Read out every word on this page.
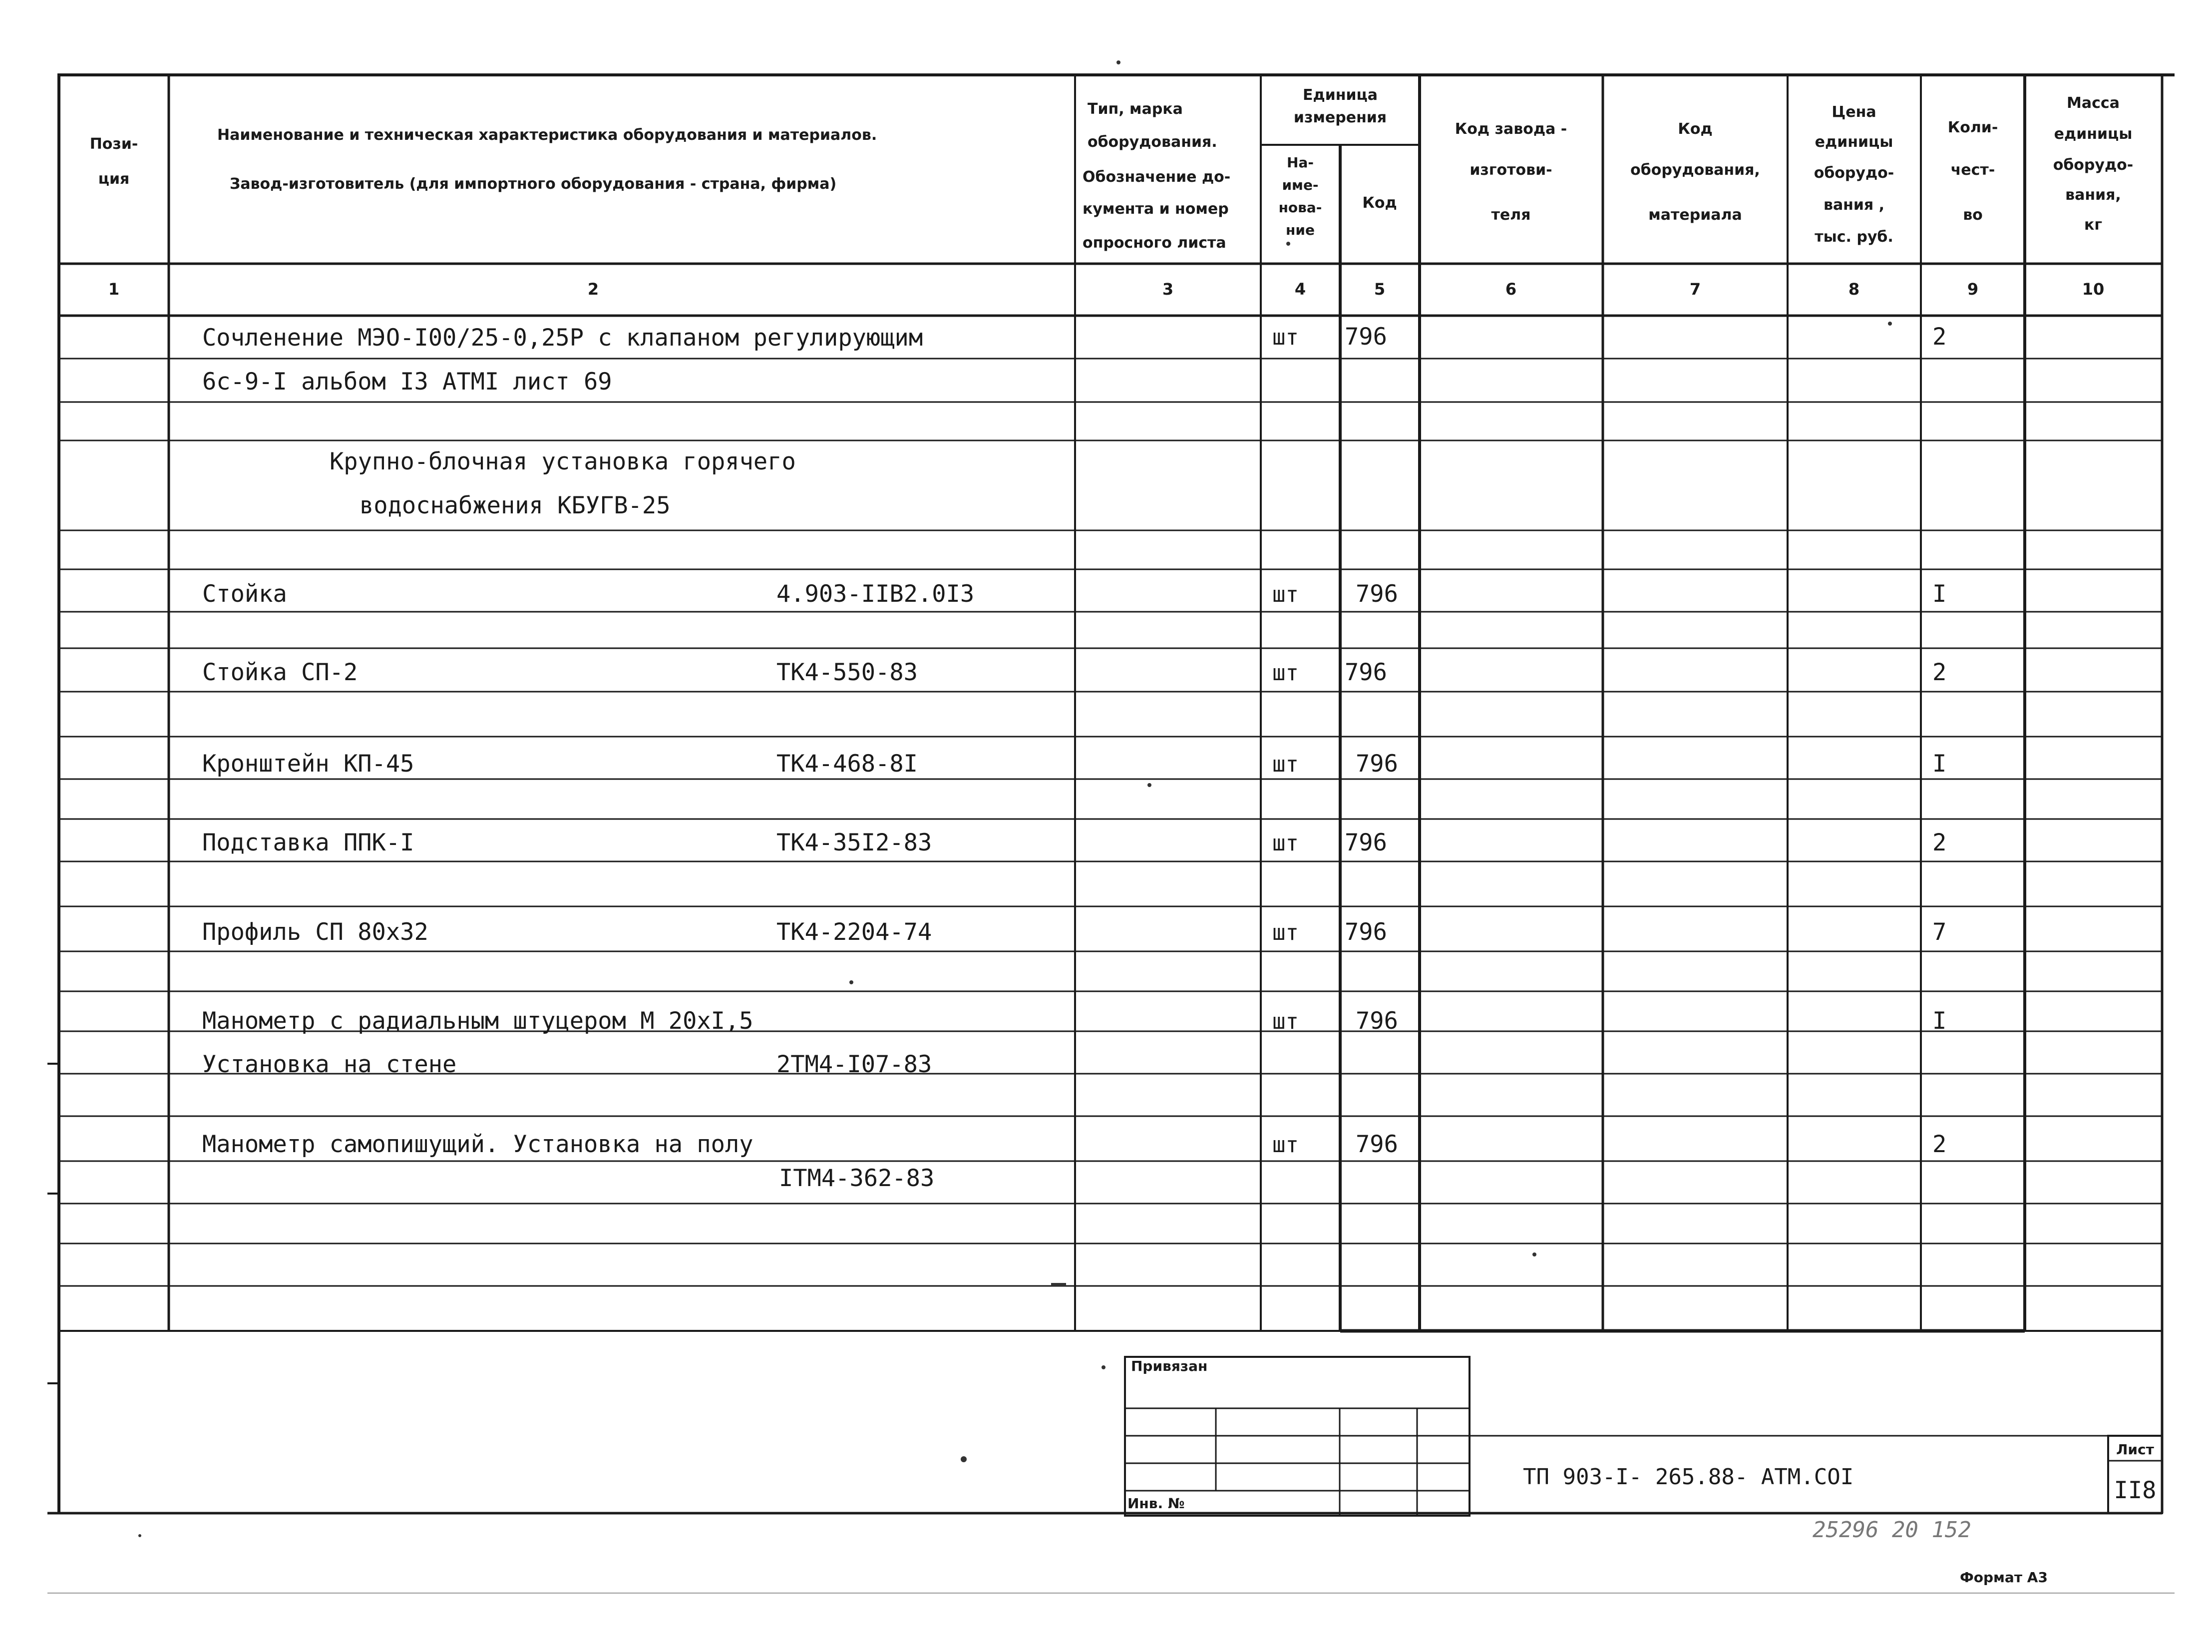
Пози-
ция
Наименование и техническая характеристика оборудования и материалов.
Завод-изготовитель (для импортного оборудования - страна, фирма)
Тип, марка
оборудования.
Обозначение до-
кумента и номер
опросного листа
Единица
измерения
На-
име-
нова-
ние
Код
Код завода -
изготови-
теля
Код
оборудования,
материала
Цена
единицы
оборудо-
вания ,
тыс. руб.
Коли-
чест-
во
Масса
единицы
оборудо-
вания,
кг
1	2	3	4	5	6	7	8	9	10
Сочленение МЭО-I00/25-0,25Р с клапаном регулирующим	шт 796	2
6с-9-I альбом I3 АТМI лист 69
Крупно-блочная установка горячего
водоснабжения КБУГВ-25
Стойка	4.903-IIВ2.0I3	шт 796	I
Стойка СП-2	ТК4-550-83	шт 796	2
Кронштейн КП-45	ТК4-468-8I	шт 796	I
Подставка ППК-I	ТК4-35I2-83	шт 796	2
Профиль СП 80х32	ТК4-2204-74	шт 796	7
Манометр с радиальным штуцером М 20хI,5	шт 796	I
Установка на стене	2ТМ4-I07-83
Манометр самопишущий. Установка на полу	шт 796	2
IТМ4-362-83
Привязан
Инв. №
ТП 903-I- 265.88- АТМ.СОI
Лист
II8
25296 20 152
Формат А3
